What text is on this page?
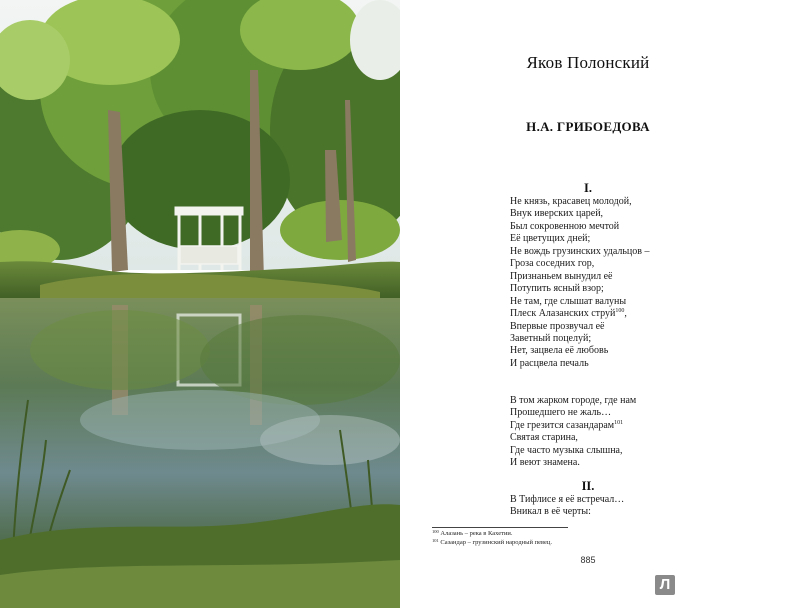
Яков Полонский
Н.А. ГРИБОЕДОВА
I.
Не князь, красавец молодой,
Внук иверских царей,
Был сокровенною мечтой
Её цветущих дней;
Не вождь грузинских удальцов –
Гроза соседних гор,
Признаньем вынудил её
Потупить ясный взор;
Не там, где слышат валуны
Плеск Алазанских струй$^{100}$,
Впервые прозвучал её
Заветный поцелуй;
Нет, зацвела её любовь
И расцвела печаль
В том жарком городе, где нам
Прошедшего не жаль…
Где грезится сазандарам$^{101}$
Святая старина,
Где часто музыка слышна,
И веют знамена.
II.
В Тифлисе я её встречал…
Вникал в её черты:
$^{100}$ Алазань – река в Кахетии.
$^{101}$ Сазандар – грузинский народный певец.
885
Л
